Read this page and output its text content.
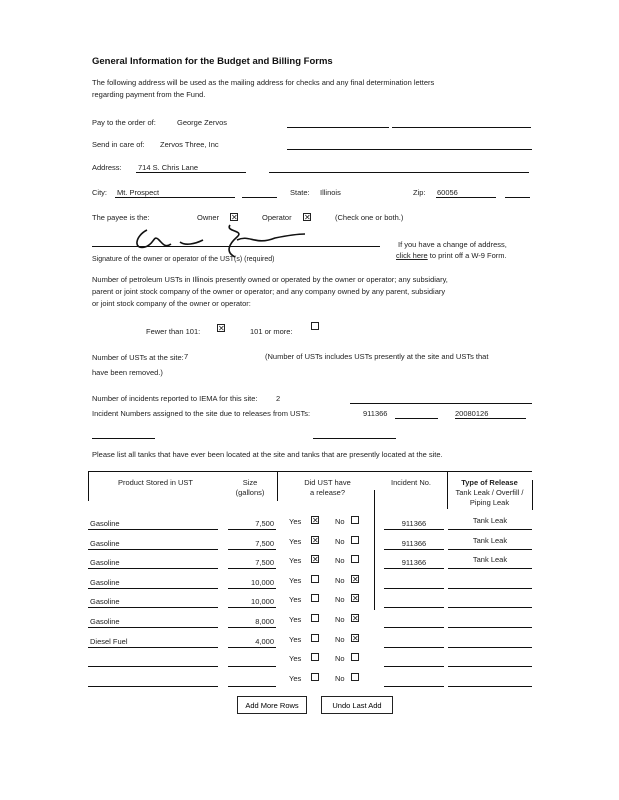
General Information for the Budget and Billing Forms
The following address will be used as the mailing address for checks and any final determination letters
regarding payment from the Fund.
Pay to the order of:	George Zervos
Send in care of: Zervos Three, Inc
Address: 714 S. Chris Lane
City: Mt. Prospect	State: Illinois	Zip: 60056
The payee is the:	Owner ✕	Operator ✕	(Check one or both.)
Signature of the owner or operator of the UST(s) (required)
If you have a change of address,
click here to print off a W-9 Form.
Number of petroleum USTs in Illinois presently owned or operated by the owner or operator; any subsidiary,
parent or joint stock company of the owner or operator; and any company owned by any parent, subsidiary
or joint stock company of the owner or operator:
Fewer than 101: ✕	101 or more:
Number of USTs at the site: 7	(Number of USTs includes USTs presently at the site and USTs that
have been removed.)
Number of incidents reported to IEMA for this site: 2
Incident Numbers assigned to the site due to releases from USTs:	911366	20080126
Please list all tanks that have ever been located at the site and tanks that are presently located at the site.
Product Stored in UST	Size
(gallons)
Did UST have
a release?
Incident No.	Type of Release
Tank Leak / Overfill /
Piping Leak
Gasoline	7,500 Yes ✕ No	911366	Tank Leak
Gasoline	7,500 Yes ✕ No	911366	Tank Leak
Gasoline	7,500 Yes ✕ No	911366	Tank Leak
Gasoline	10,000 Yes	No ✕
Gasoline	10,000 Yes	No ✕
Gasoline	8,000 Yes	No ✕
Diesel Fuel	4,000 Yes	No ✕
Yes	No
Yes	No
Add More Rows	Undo Last Add
